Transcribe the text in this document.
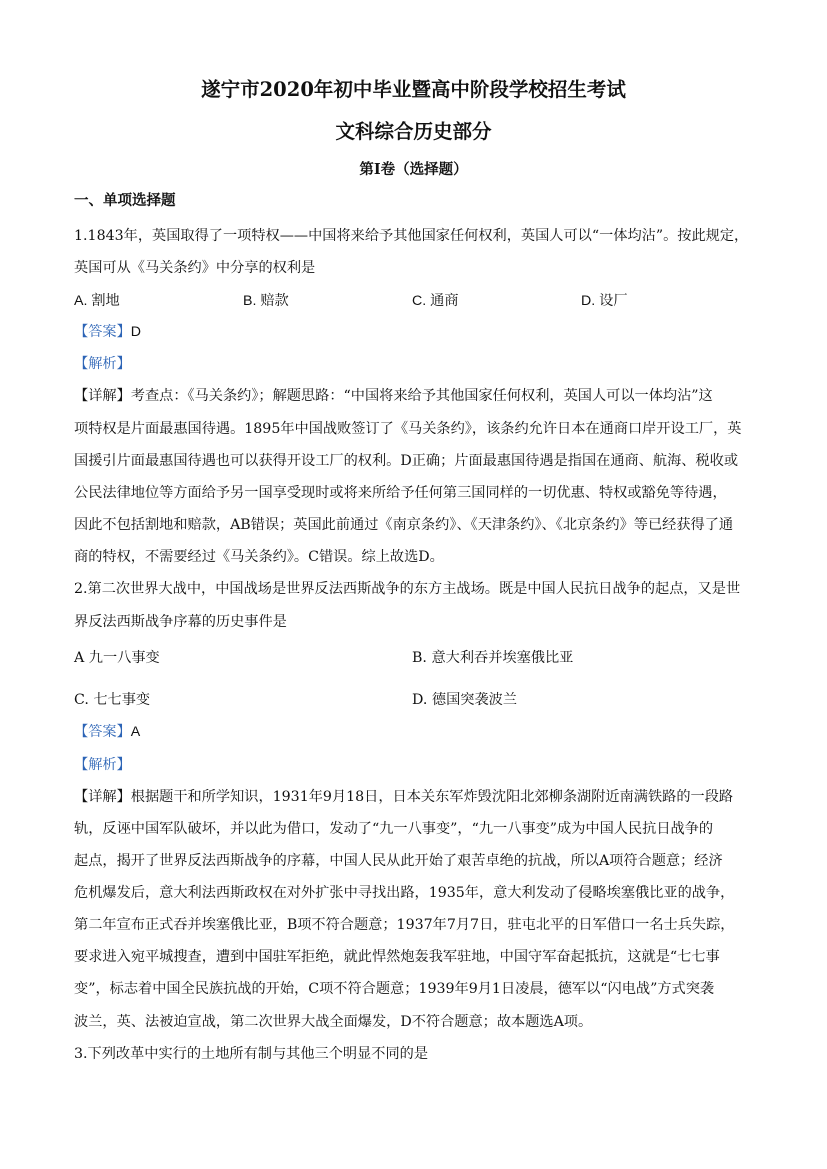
遂宁市2020年初中毕业暨高中阶段学校招生考试
文科综合历史部分
第Ⅰ卷（选择题）
一、单项选择题
1.1843年，英国取得了一项特权——中国将来给予其他国家任何权利，英国人可以“一体均沾”。按此规定，
英国可从《马关条约》中分享的权利是
A. 割地	B. 赔款	C. 通商	D. 设厂
【答案】D
【解析】
【详解】考查点：《马关条约》；解题思路：“中国将来给予其他国家任何权利，英国人可以一体均沾”这
项特权是片面最惠国待遇。1895年中国战败签订了《马关条约》，该条约允许日本在通商口岸开设工厂，英
国援引片面最惠国待遇也可以获得开设工厂的权利。D正确；片面最惠国待遇是指国在通商、航海、税收或
公民法律地位等方面给予另一国享受现时或将来所给予任何第三国同样的一切优惠、特权或豁免等待遇，
因此不包括割地和赔款，AB错误；英国此前通过《南京条约》、《天津条约》、《北京条约》等已经获得了通
商的特权，不需要经过《马关条约》。C错误。综上故选D。
2.第二次世界大战中，中国战场是世界反法西斯战争的东方主战场。既是中国人民抗日战争的起点，又是世
界反法西斯战争序幕的历史事件是
A 九一八事变	B. 意大利吞并埃塞俄比亚
C. 七七事变	D. 德国突袭波兰
【答案】A
【解析】
【详解】根据题干和所学知识，1931年9月18日，日本关东军炸毁沈阳北郊柳条湖附近南满铁路的一段路
轨，反诬中国军队破坏，并以此为借口，发动了“九一八事变”，“九一八事变”成为中国人民抗日战争的
起点，揭开了世界反法西斯战争的序幕，中国人民从此开始了艰苦卓绝的抗战，所以A项符合题意；经济
危机爆发后，意大利法西斯政权在对外扩张中寻找出路，1935年，意大利发动了侵略埃塞俄比亚的战争，
第二年宣布正式吞并埃塞俄比亚，B项不符合题意；1937年7月7日，驻屯北平的日军借口一名士兵失踪，
要求进入宛平城搜查，遭到中国驻军拒绝，就此悍然炮轰我军驻地，中国守军奋起抵抗，这就是“七七事
变”，标志着中国全民族抗战的开始，C项不符合题意；1939年9月1日凌晨，德军以“闪电战”方式突袭
波兰，英、法被迫宣战，第二次世界大战全面爆发，D不符合题意；故本题选A项。
3.下列改革中实行的土地所有制与其他三个明显不同的是
